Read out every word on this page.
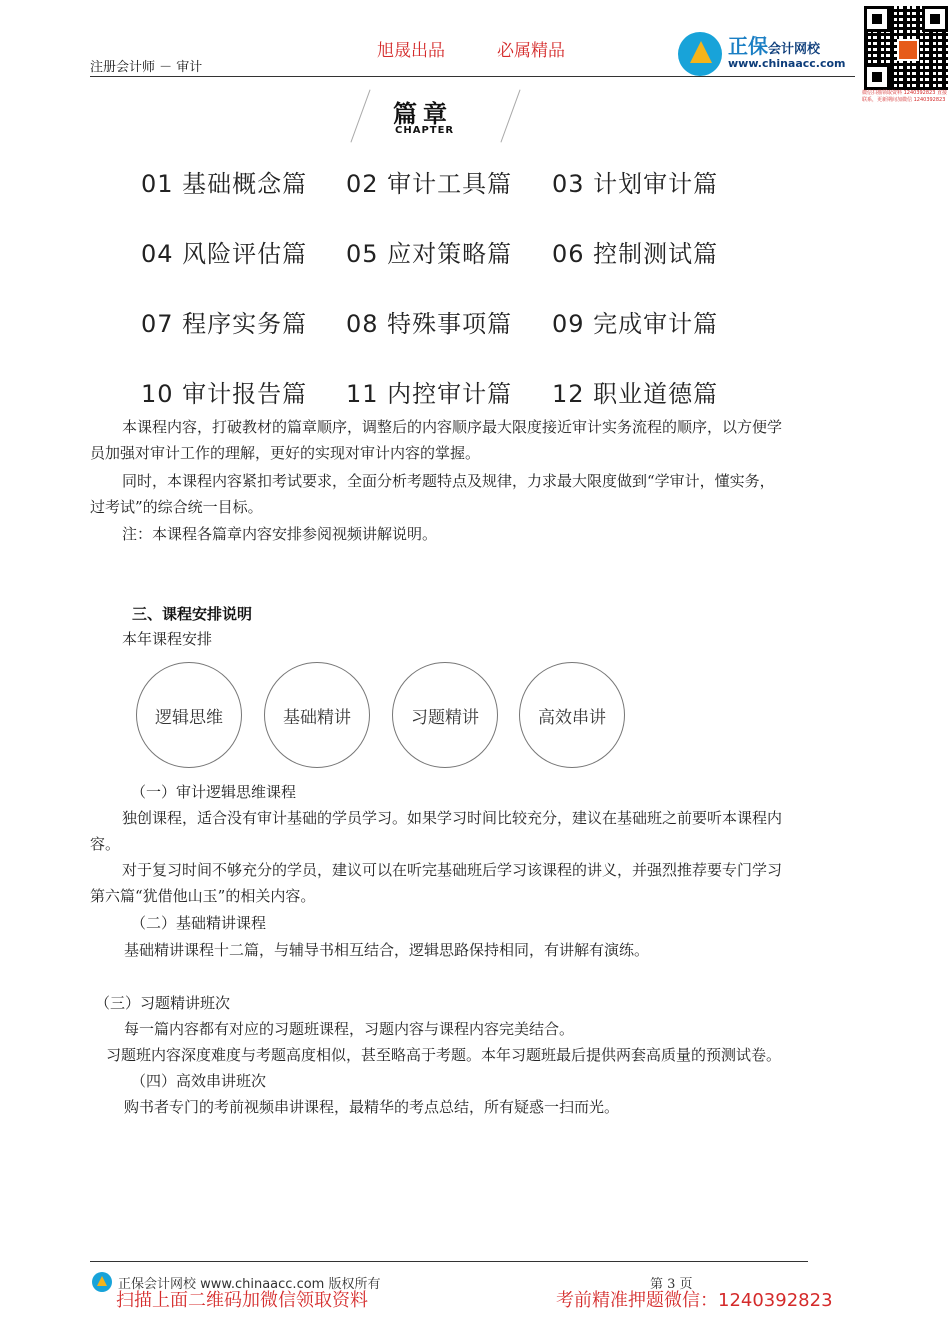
注册会计师 － 审计
旭晟出品	必属精品	正保会计网校
www.chinaacc.com
微信扫描领取资料 1240392823 直接联系，更新期间加微信 1240392823
篇章
CHAPTER
01 基础概念篇 02 审计工具篇 03 计划审计篇
04 风险评估篇 05 应对策略篇 06 控制测试篇
07 程序实务篇 08 特殊事项篇 09 完成审计篇
10 审计报告篇 11 内控审计篇 12 职业道德篇
本课程内容，打破教材的篇章顺序，调整后的内容顺序最大限度接近审计实务流程的顺序，以方便学
员加强对审计工作的理解，更好的实现对审计内容的掌握。
同时，本课程内容紧扣考试要求，全面分析考题特点及规律，力求最大限度做到“学审计，懂实务，
过考试”的综合统一目标。
注：本课程各篇章内容安排参阅视频讲解说明。
三、课程安排说明
本年课程安排
逻辑思维	基础精讲	习题精讲	高效串讲
（一）审计逻辑思维课程
独创课程，适合没有审计基础的学员学习。如果学习时间比较充分，建议在基础班之前要听本课程内
容。
对于复习时间不够充分的学员，建议可以在听完基础班后学习该课程的讲义，并强烈推荐要专门学习
第六篇“犹借他山玉”的相关内容。
（二）基础精讲课程
基础精讲课程十二篇，与辅导书相互结合，逻辑思路保持相同，有讲解有演练。
（三）习题精讲班次
每一篇内容都有对应的习题班课程，习题内容与课程内容完美结合。
习题班内容深度难度与考题高度相似，甚至略高于考题。本年习题班最后提供两套高质量的预测试卷。
（四）高效串讲班次
购书者专门的考前视频串讲课程，最精华的考点总结，所有疑惑一扫而光。
正保会计网校 www.chinaacc.com 版权所有	第 3 页
扫描上面二维码加微信领取资料	考前精准押题微信：1240392823
